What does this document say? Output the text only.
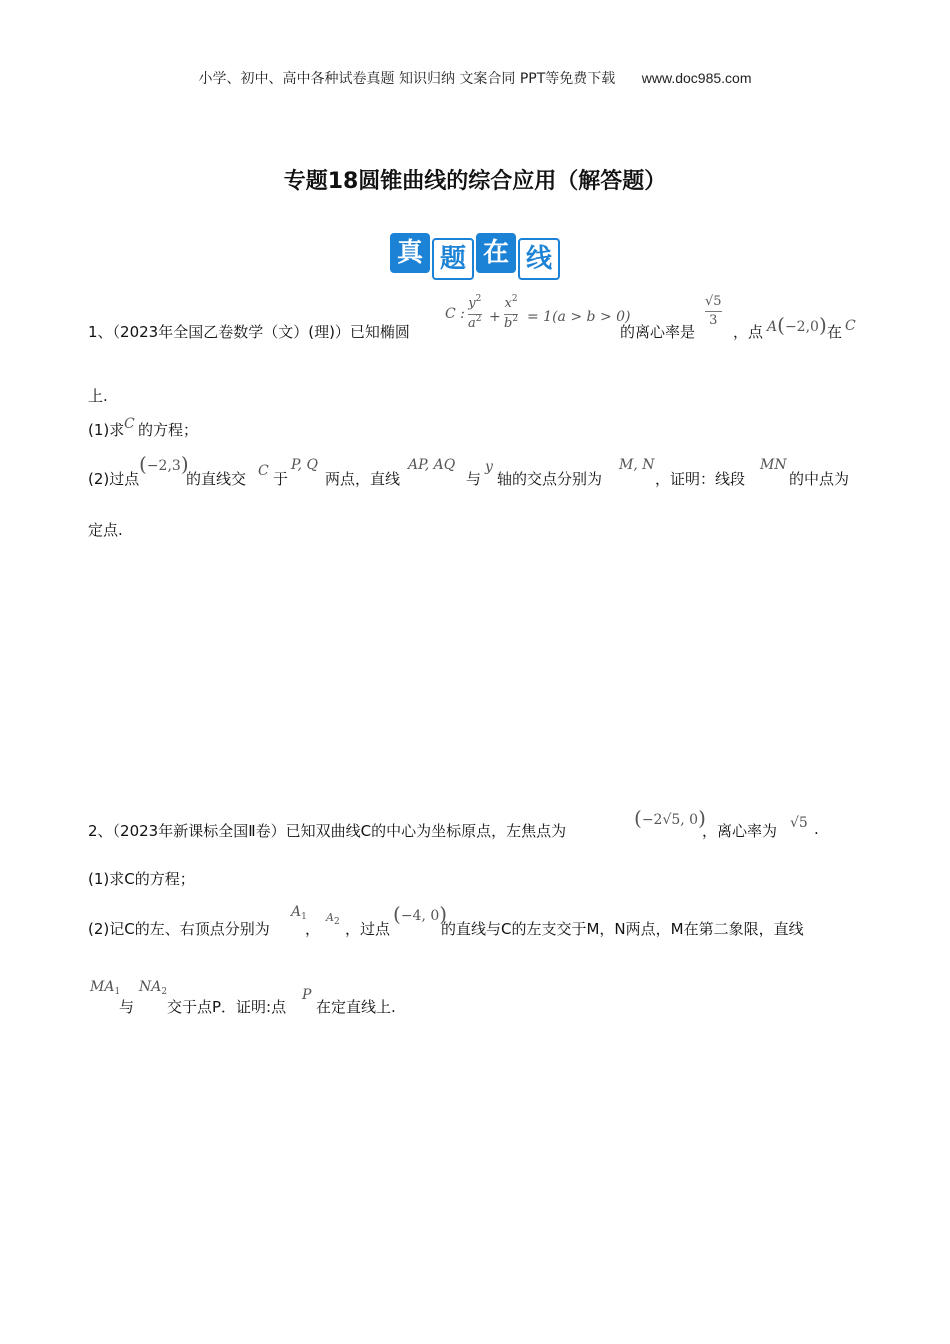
小学、初中、高中各种试卷真题 知识归纳 文案合同 PPT等免费下载 www.doc985.com
专题18圆锥曲线的综合应用（解答题）
真 题 在 线
1、（2023年全国乙卷数学（文）(理)）已知椭圆
C :
$y^2$
$a^2$ +
$x^2$
$b^2 = 1(a > b > 0)$
的离心率是
√5
3
，点 A(−2,0) 在 C
上.
(1)求 C 的方程；
(2)过点
(−2,3)
的直线交 C 于
P, Q
两点，直线
AP, AQ
与
y
轴的交点分别为
M, N
，证明：线段
MN
的中点为
定点.
2、（2023年新课标全国Ⅱ卷）已知双曲线C的中心为坐标原点，左焦点为
(−2√5, 0)
，离心率为 √5 .
(1)求C的方程；
(2)记C的左、右顶点分别为
$A_1$
，
$A_2$ ，过点
(−4, 0)
的直线与C的左支交于M，N两点，M在第二象限，直线
$MA_1$
与
$NA_2$
交于点P．证明:点
P
在定直线上.
